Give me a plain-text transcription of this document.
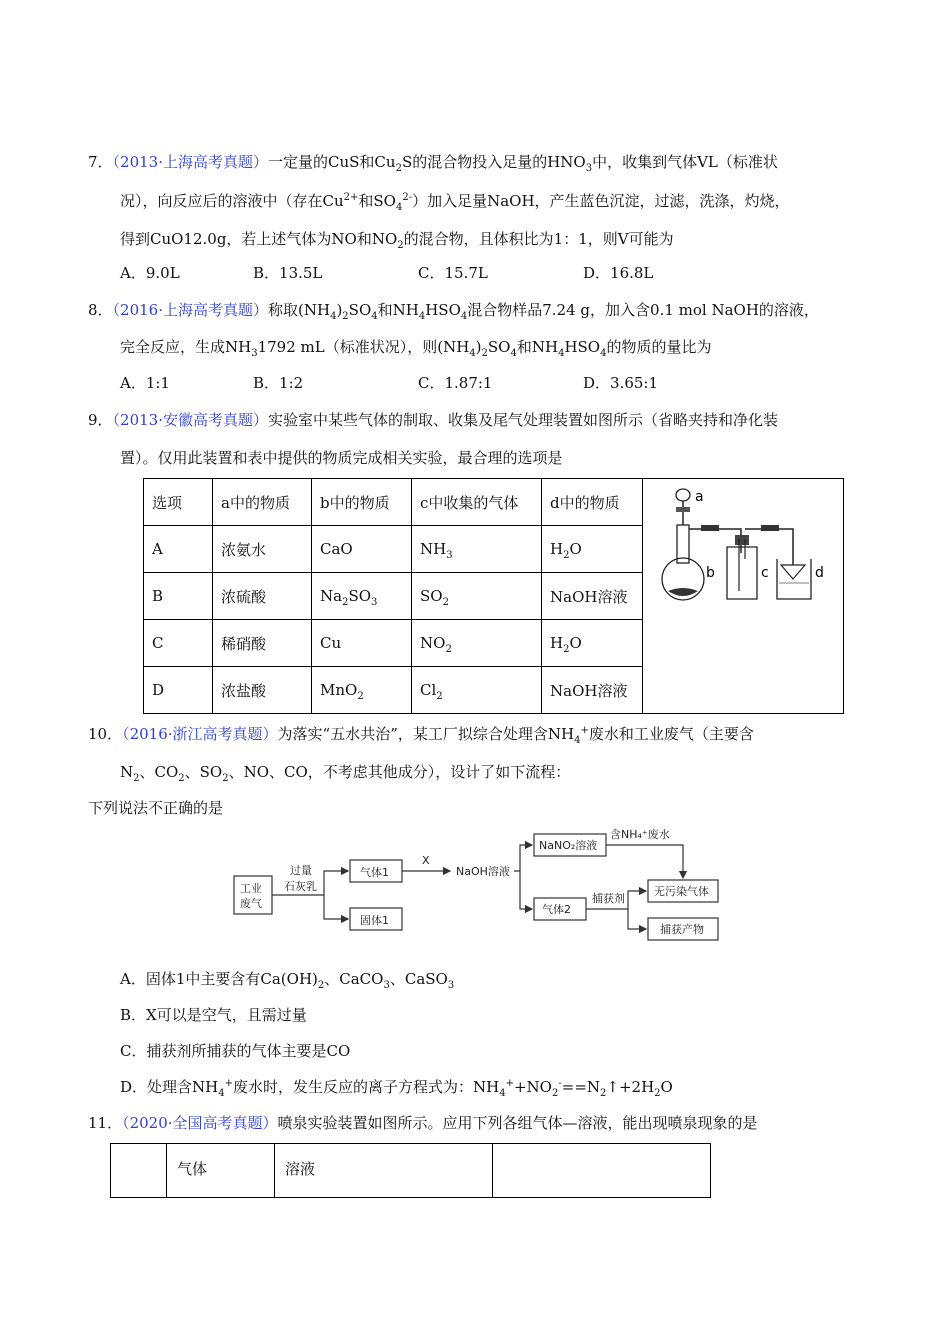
7．（2013·上海高考真题）一定量的CuS和$Cu_2S$的混合物投入足量的$HNO_3$中，收集到气体VL（标准状
况），向反应后的溶液中（存在$Cu^{2+}$和$SO_4^{2-}$）加入足量NaOH，产生蓝色沉淀，过滤，洗涤，灼烧，
得到CuO12.0g，若上述气体为NO和$NO_2$的混合物，且体积比为1：1，则V可能为
A．9.0L	B．13.5L	C．15.7L	D．16.8L
8．（2016·上海高考真题）称取$(NH_4)_2SO_4$和$NH_4HSO_4$混合物样品7.24 g，加入含0.1 mol NaOH的溶液，
完全反应，生成$NH_31792$ mL（标准状况），则$(NH_4)_2SO_4$和$NH_4HSO_4$的物质的量比为
A．1:1	B．1:2	C．1.87:1	D．3.65:1
9．（2013·安徽高考真题）实验室中某些气体的制取、收集及尾气处理装置如图所示（省略夹持和净化装
置）。仅用此装置和表中提供的物质完成相关实验，最合理的选项是
选项	a中的物质	b中的物质	c中收集的气体	d中的物质	a
b c d

A	浓氨水	CaO	$NH_3$	$H_2O$	
B	浓硫酸	$Na_2SO_3$	$SO_2$	NaOH溶液	
C	稀硝酸	Cu	$NO_2$	$H_2O$	
D	浓盐酸	MnO$_2$	$Cl_2$	NaOH溶液	
10．（2016·浙江高考真题）为落实“五水共治”，某工厂拟综合处理含$NH_4^+$废水和工业废气（主要含
$N_2$、$CO_2$、$SO_2$、NO、CO，不考虑其他成分），设计了如下流程：
下列说法不正确的是
工业
废气
过量
石灰乳
气体1
固体1
X
NaOH溶液
NaNO₂溶液
含NH₄⁺废水
气体2
捕获剂
无污染气体
捕获产物
A．固体1中主要含有$Ca(OH)_2$、CaCO$_3$、CaSO$_3$
B．X可以是空气，且需过量
C．捕获剂所捕获的气体主要是CO
D．处理含$NH_4^+$废水时，发生反应的离子方程式为：$NH_4^++NO_2^-==N_2↑+2H_2O$
11．（2020·全国高考真题）喷泉实验装置如图所示。应用下列各组气体—溶液，能出现喷泉现象的是
	气体	溶液	
